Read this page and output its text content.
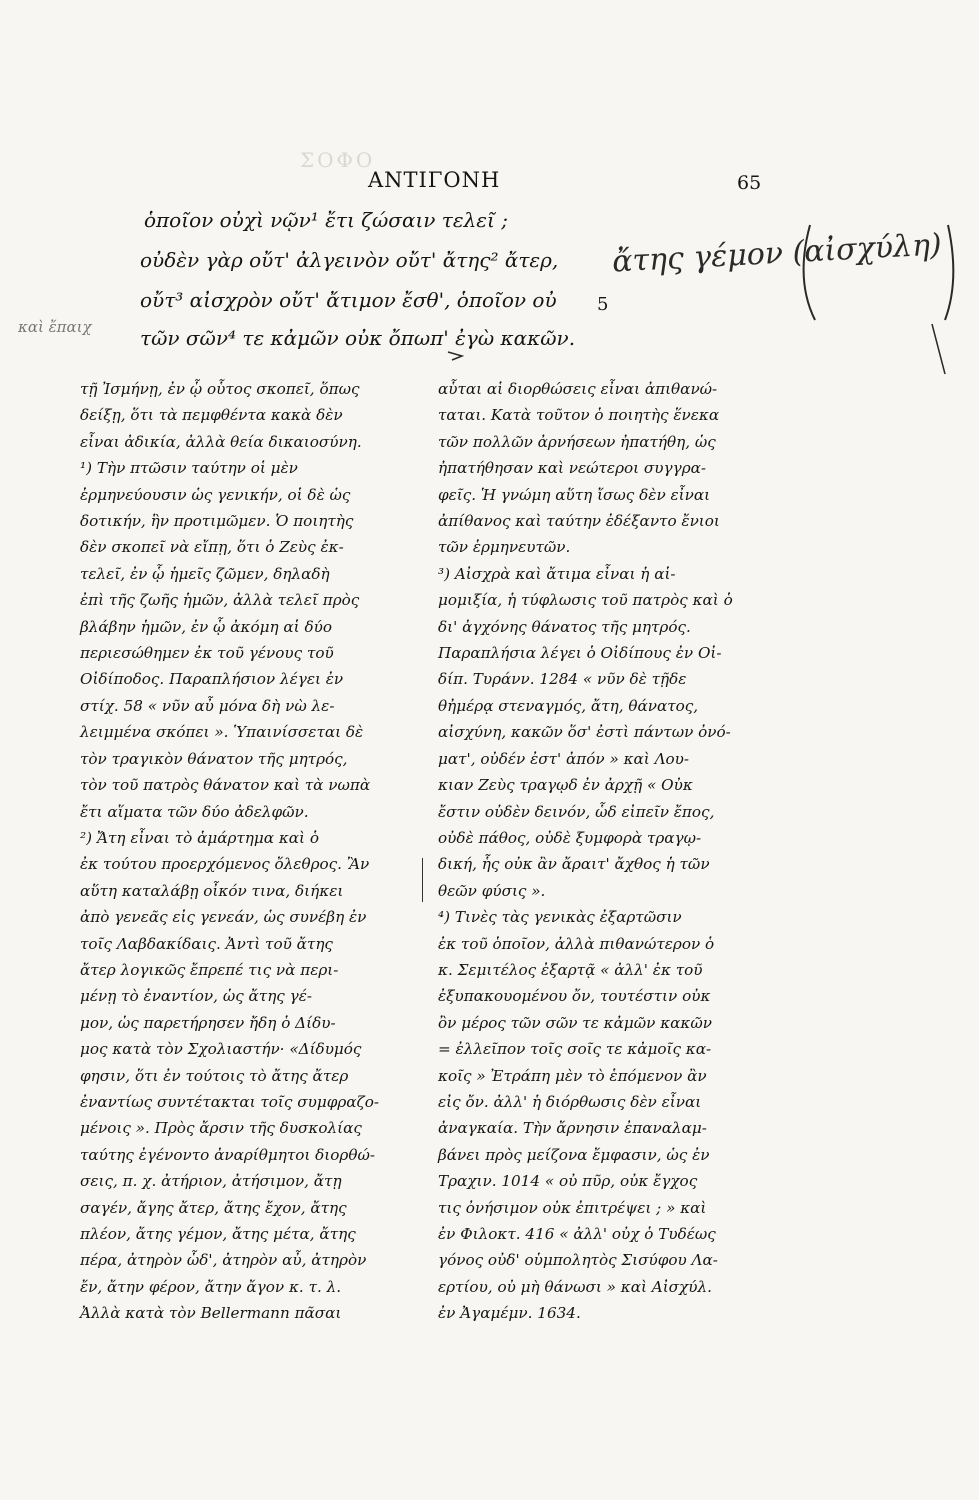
ΣΟΦΟ
ΑΝΤΙΓΟΝΗ	65
ὁποῖον οὐχὶ νῷν¹ ἔτι ζώσαιν τελεῖ ;
οὐδὲν γὰρ οὔτ' ἀλγεινὸν οὔτ' ἄτης² ἄτερ,
οὔτ³ αἰσχρὸν οὔτ' ἄτιμον ἔσθ', ὁποῖον οὐ
τῶν σῶν⁴ τε κἀμῶν οὐκ ὄπωπ' ἐγὼ κακῶν.
5
ἄτης γέμον (αἰσχύλη)
καὶ ἔπαιχ
τῇ Ἰσμήνῃ, ἐν ᾧ οὗτος σκοπεῖ, ὅπως
δείξῃ, ὅτι τὰ πεμφθέντα κακὰ δὲν
εἶναι ἀδικία, ἀλλὰ θεία δικαιοσύνη.
¹) Τὴν πτῶσιν ταύτην οἱ μὲν
ἑρμηνεύουσιν ὡς γενικήν, οἱ δὲ ὡς
δοτικήν, ἣν προτιμῶμεν. Ὁ ποιητὴς
δὲν σκοπεῖ νὰ εἴπῃ, ὅτι ὁ Ζεὺς ἐκ-
τελεῖ, ἐν ᾧ ἡμεῖς ζῶμεν, δηλαδὴ
ἐπὶ τῆς ζωῆς ἡμῶν, ἀλλὰ τελεῖ πρὸς
βλάβην ἡμῶν, ἐν ᾧ ἀκόμη αἱ δύο
περιεσώθημεν ἐκ τοῦ γένους τοῦ
Οἰδίποδος. Παραπλήσιον λέγει ἐν
στίχ. 58 « νῦν αὖ μόνα δὴ νὼ λε-
λειμμένα σκόπει ». Ὑπαινίσσεται δὲ
τὸν τραγικὸν θάνατον τῆς μητρός,
τὸν τοῦ πατρὸς θάνατον καὶ τὰ νωπὰ
ἔτι αἵματα τῶν δύο ἀδελφῶν.
²) Ἄτη εἶναι τὸ ἁμάρτημα καὶ ὁ
ἐκ τούτου προερχόμενος ὄλεθρος. Ἂν
αὕτη καταλάβῃ οἶκόν τινα, διήκει
ἀπὸ γενεᾶς εἰς γενεάν, ὡς συνέβη ἐν
τοῖς Λαβδακίδαις. Ἀντὶ τοῦ ἄτης
ἄτερ λογικῶς ἔπρεπέ τις νὰ περι-
μένῃ τὸ ἐναντίον, ὡς ἄτης γέ-
μον, ὡς παρετήρησεν ἤδη ὁ Δίδυ-
μος κατὰ τὸν Σχολιαστήν· «Δίδυμός
φησιν, ὅτι ἐν τούτοις τὸ ἄτης ἄτερ
ἐναντίως συντέτακται τοῖς συμφραζο-
μένοις ». Πρὸς ἄρσιν τῆς δυσκολίας
ταύτης ἐγένοντο ἀναρίθμητοι διορθώ-
σεις, π. χ. ἀτήριον, ἀτήσιμον, ἄτῃ
σαγέν, ἄγης ἄτερ, ἄτης ἔχον, ἄτης
πλέον, ἄτης γέμον, ἄτης μέτα, ἄτης
πέρα, ἀτηρὸν ὧδ', ἀτηρὸν αὖ, ἀτηρὸν
ἔν, ἄτην φέρον, ἄτην ἄγον κ. τ. λ.
Ἀλλὰ κατὰ τὸν Bellermann πᾶσαι
αὗται αἱ διορθώσεις εἶναι ἀπιθανώ-
ταται. Κατὰ τοῦτον ὁ ποιητὴς ἕνεκα
τῶν πολλῶν ἀρνήσεων ἠπατήθη, ὡς
ἠπατήθησαν καὶ νεώτεροι συγγρα-
φεῖς. Ἡ γνώμη αὕτη ἴσως δὲν εἶναι
ἀπίθανος καὶ ταύτην ἐδέξαντο ἔνιοι
τῶν ἑρμηνευτῶν.
³) Αἰσχρὰ καὶ ἄτιμα εἶναι ἡ αἱ-
μομιξία, ἡ τύφλωσις τοῦ πατρὸς καὶ ὁ
δι' ἀγχόνης θάνατος τῆς μητρός.
Παραπλήσια λέγει ὁ Οἰδίπους ἐν Οἰ-
δίπ. Τυράνν. 1284 « νῦν δὲ τῇδε
θἠμέρᾳ στεναγμός, ἄτη, θάνατος,
αἰσχύνη, κακῶν ὅσ' ἐστὶ πάντων ὀνό-
ματ', οὐδέν ἐστ' ἀπόν » καὶ Λου-
κιαν Ζεὺς τραγῳδ ἐν ἀρχῇ « Οὐκ
ἔστιν οὐδὲν δεινόν, ὧδ εἰπεῖν ἔπος,
οὐδὲ πάθος, οὐδὲ ξυμφορὰ τραγῳ-
δική, ἧς οὐκ ἂν ἄραιτ' ἄχθος ἡ τῶν
θεῶν φύσις ».
⁴) Τινὲς τὰς γενικὰς ἐξαρτῶσιν
ἐκ τοῦ ὁποῖον, ἀλλὰ πιθανώτερον ὁ
κ. Σεμιτέλος ἐξαρτᾷ « ἀλλ' ἐκ τοῦ
ἐξυπακουομένου ὄν, τουτέστιν οὐκ
ὂν μέρος τῶν σῶν τε κἀμῶν κακῶν
= ἐλλεῖπον τοῖς σοῖς τε κἀμοῖς κα-
κοῖς » Ἐτράπη μὲν τὸ ἑπόμενον ἂν
εἰς ὄν. ἀλλ' ἡ διόρθωσις δὲν εἶναι
ἀναγκαία. Τὴν ἄρνησιν ἐπαναλαμ-
βάνει πρὸς μείζονα ἔμφασιν, ὡς ἐν
Τραχιν. 1014 « οὐ πῦρ, οὐκ ἔγχος
τις ὀνήσιμον οὐκ ἐπιτρέψει ; » καὶ
ἐν Φιλοκτ. 416 « ἀλλ' οὐχ ὁ Τυδέως
γόνος οὐδ' οὑμπολητὸς Σισύφου Λα-
ερτίου, οὐ μὴ θάνωσι » καὶ Αἰσχύλ.
ἐν Ἀγαμέμν. 1634.
